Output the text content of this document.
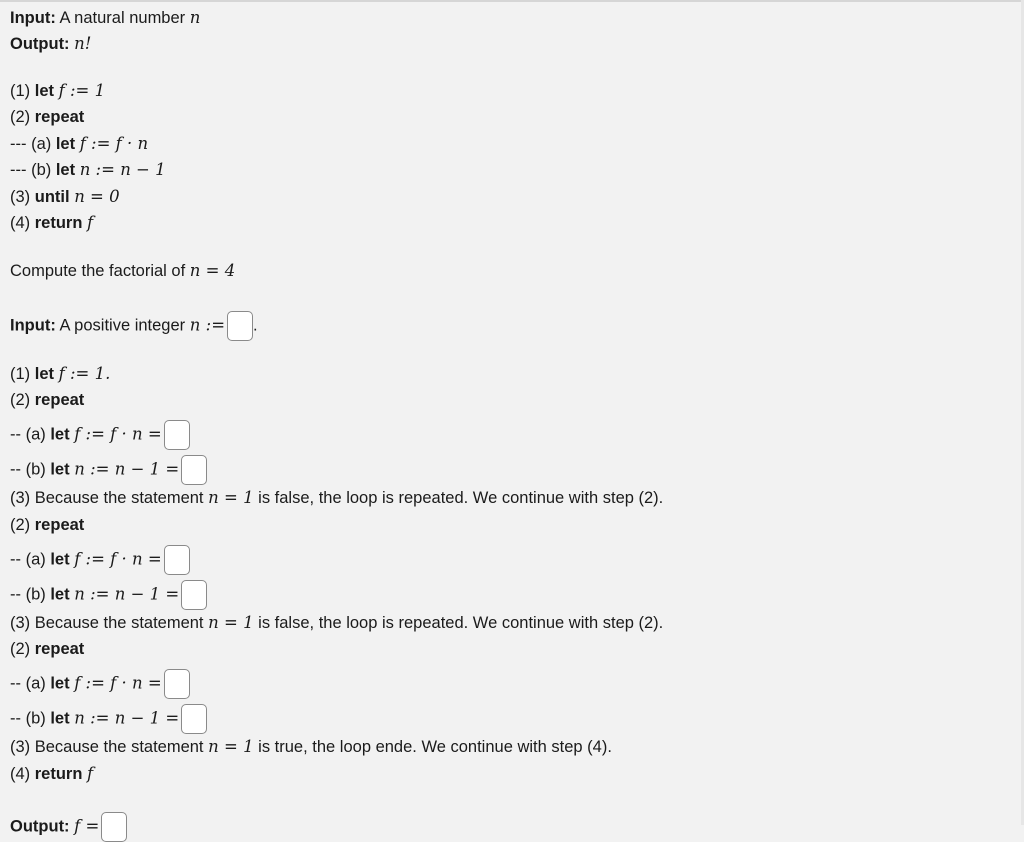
Input: A natural number n
Output: n!
(1) let f := 1
(2) repeat
--- (a) let f := f · n
--- (b) let n := n − 1
(3) until n = 0
(4) return f
Compute the factorial of n = 4
Input: A positive integer n := .
(1) let f := 1.
(2) repeat
-- (a) let f := f · n =
-- (b) let n := n − 1 =
(3) Because the statement n = 1 is false, the loop is repeated. We continue with step (2).
(2) repeat
-- (a) let f := f · n =
-- (b) let n := n − 1 =
(3) Because the statement n = 1 is false, the loop is repeated. We continue with step (2).
(2) repeat
-- (a) let f := f · n =
-- (b) let n := n − 1 =
(3) Because the statement n = 1 is true, the loop ende. We continue with step (4).
(4) return f
Output: f =
